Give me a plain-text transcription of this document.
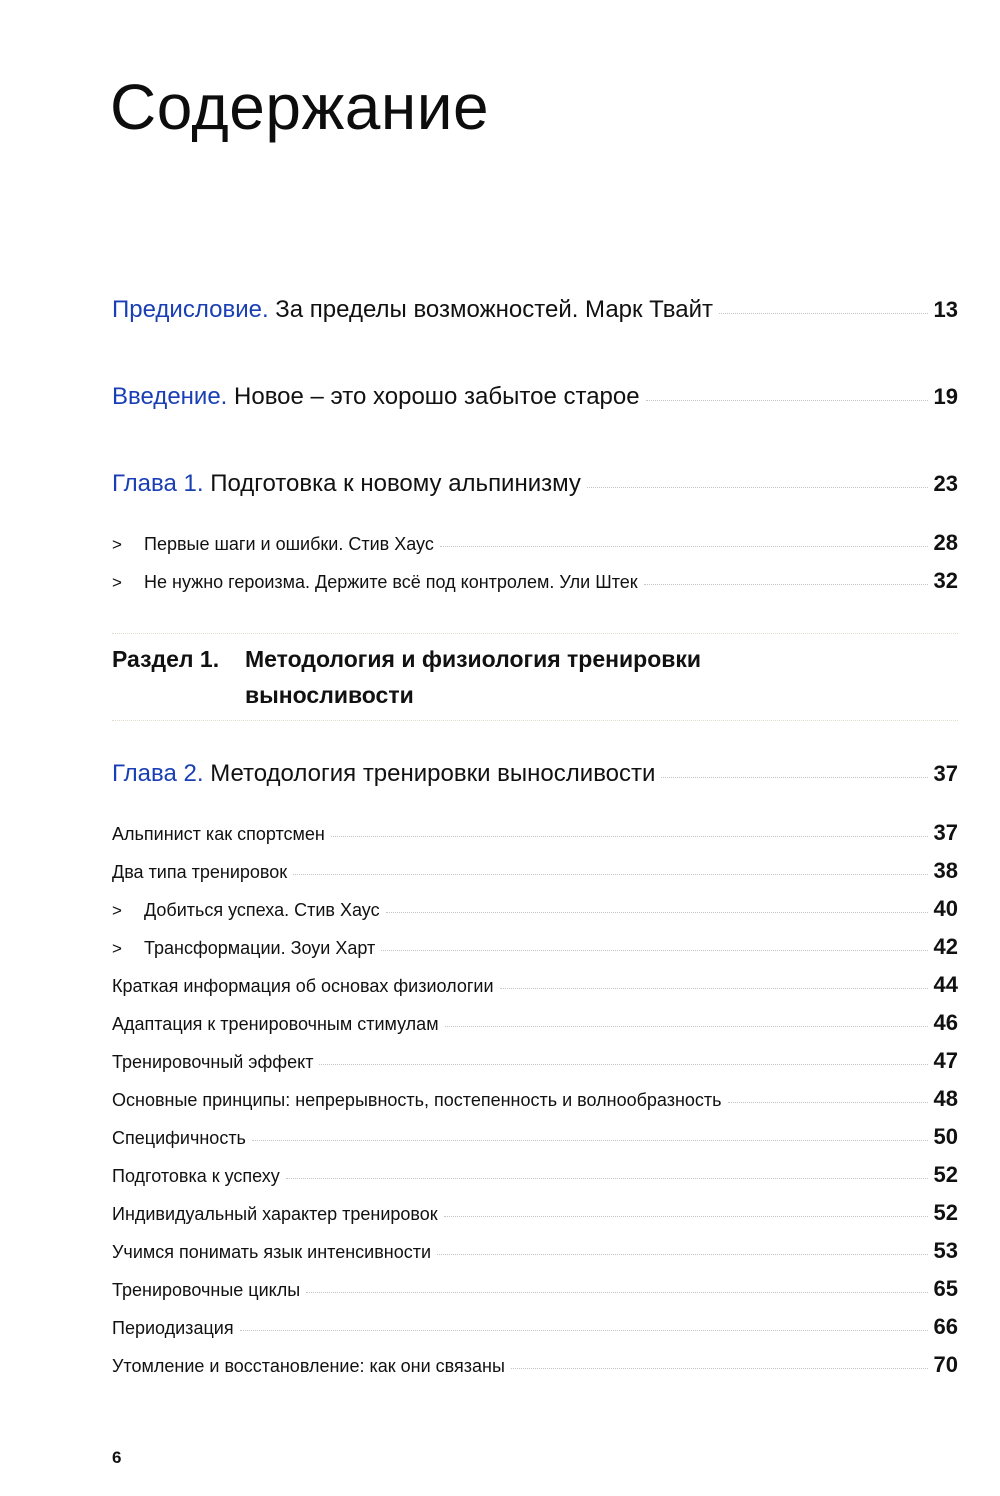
Содержание
Предисловие. За пределы возможностей. Марк Твайт	13
Введение. Новое – это хорошо забытое старое	19
Глава 1. Подготовка к новому альпинизму	23
> Первые шаги и ошибки. Стив Хаус	28
> Не нужно героизма. Держите всё под контролем. Ули Штек	32
Раздел 1.	Методология и физиология тренировки
выносливости
Глава 2. Методология тренировки выносливости	37
Альпинист как спортсмен	37
Два типа тренировок	38
> Добиться успеха. Стив Хаус	40
> Трансформации. Зоуи Харт	42
Краткая информация об основах физиологии	44
Адаптация к тренировочным стимулам	46
Тренировочный эффект	47
Основные принципы: непрерывность, постепенность и волнообразность	48
Специфичность	50
Подготовка к успеху	52
Индивидуальный характер тренировок	52
Учимся понимать язык интенсивности	53
Тренировочные циклы	65
Периодизация	66
Утомление и восстановление: как они связаны	70
6
